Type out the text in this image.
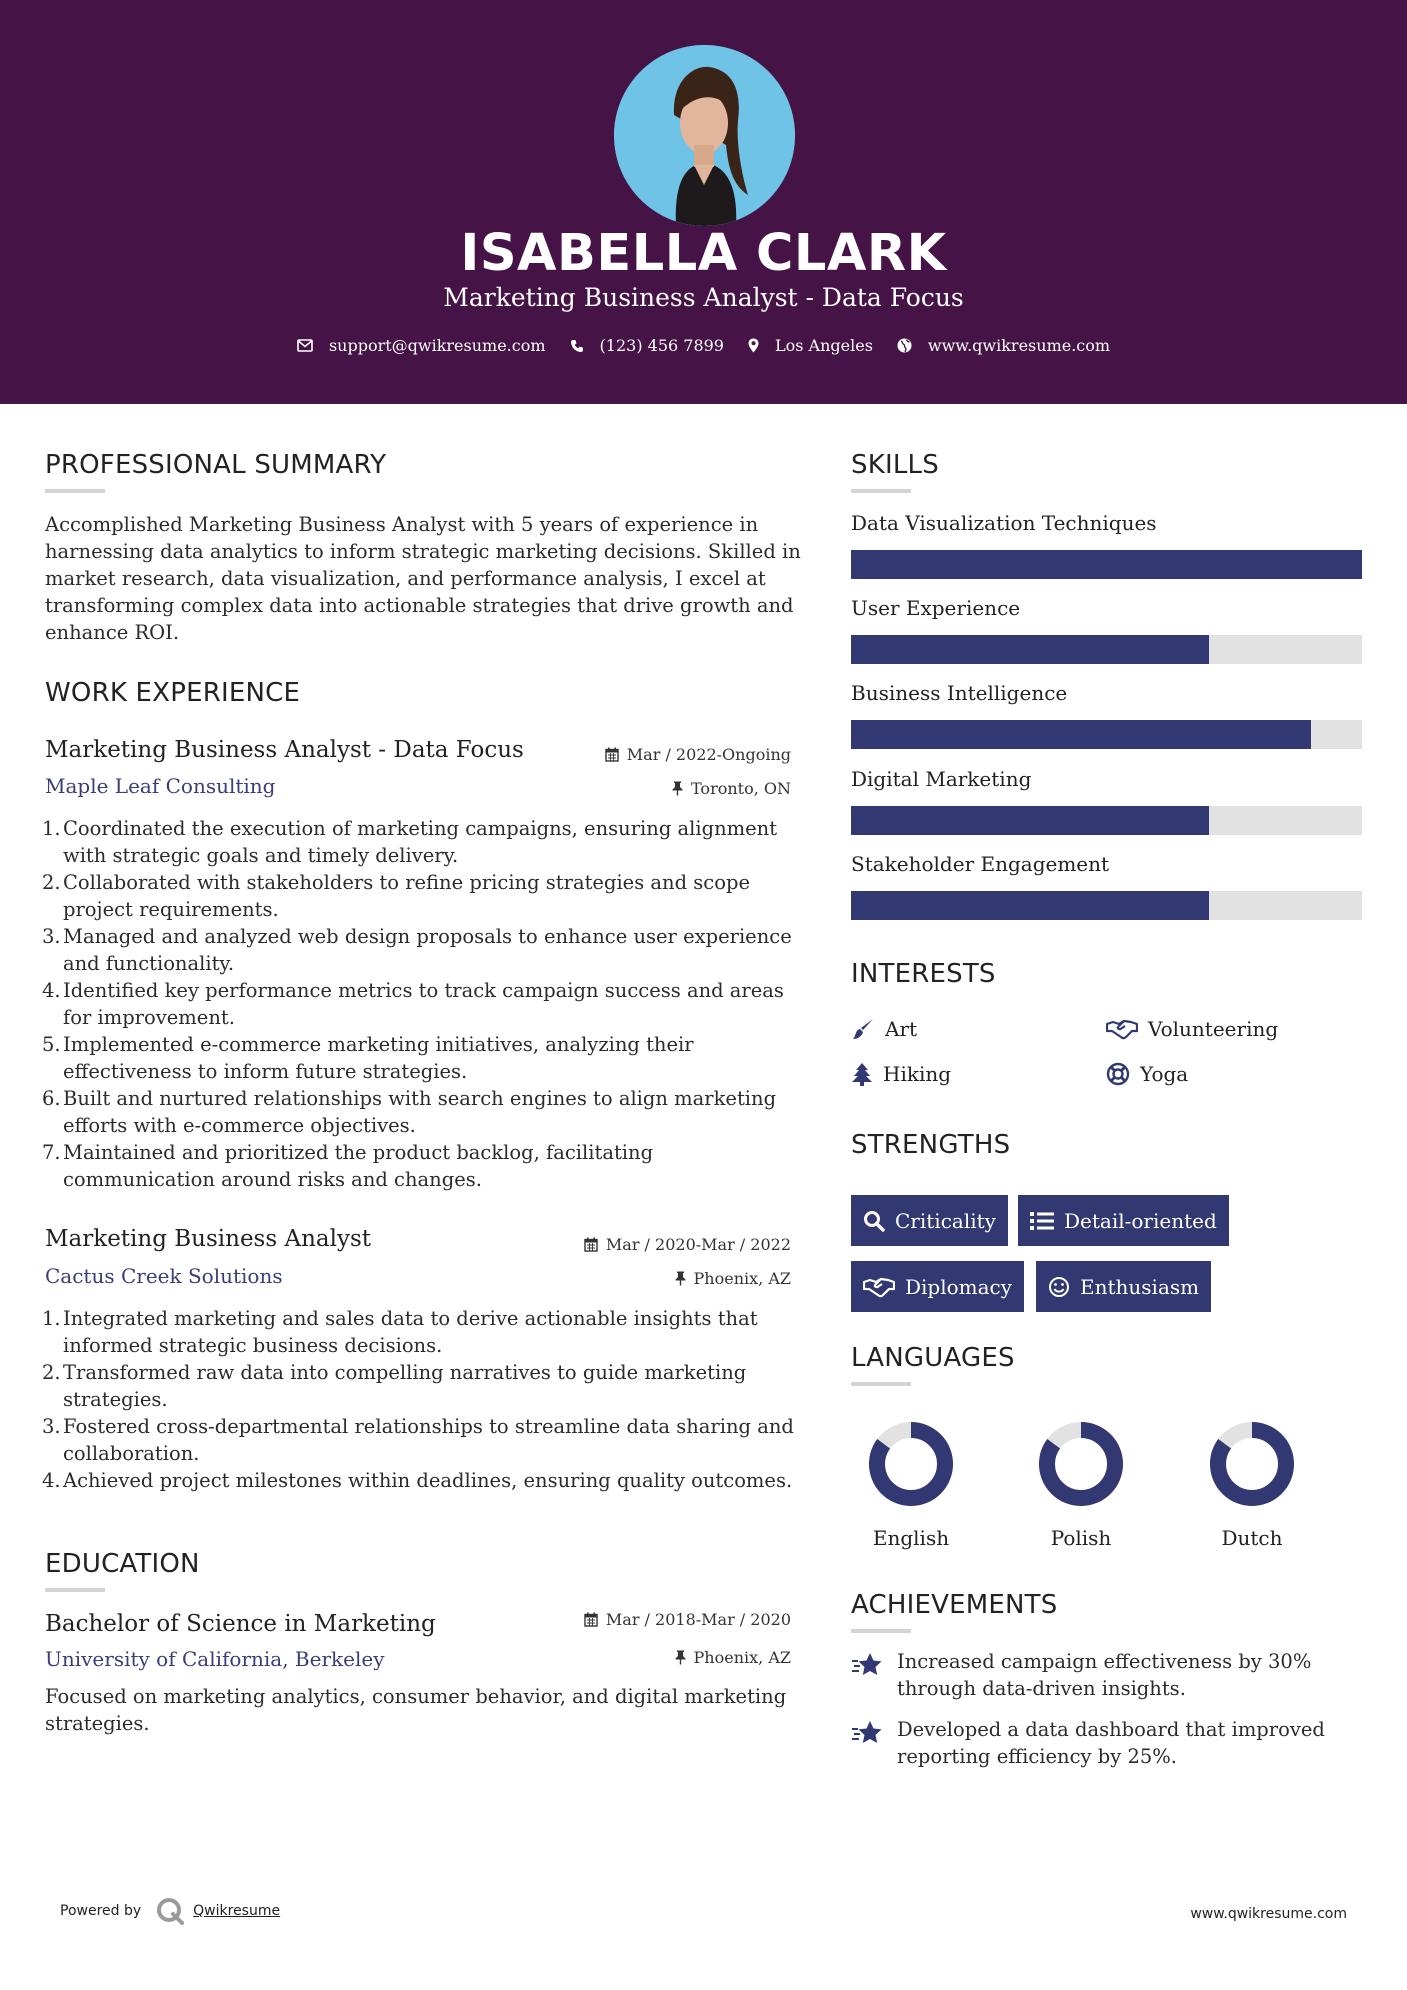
ISABELLA CLARK
Marketing Business Analyst - Data Focus
support@qwikresume.com	(123) 456 7899	Los Angeles	www.qwikresume.com
PROFESSIONAL SUMMARY
Accomplished Marketing Business Analyst with 5 years of experience in
harnessing data analytics to inform strategic marketing decisions. Skilled in
market research, data visualization, and performance analysis, I excel at
transforming complex data into actionable strategies that drive growth and
enhance ROI.
WORK EXPERIENCE
Marketing Business Analyst - Data Focus	Mar / 2022-Ongoing
Maple Leaf Consulting	Toronto, ON
1. Coordinated the execution of marketing campaigns, ensuring alignment
with strategic goals and timely delivery.
2. Collaborated with stakeholders to refine pricing strategies and scope
project requirements.
3. Managed and analyzed web design proposals to enhance user experience
and functionality.
4. Identified key performance metrics to track campaign success and areas
for improvement.
5. Implemented e-commerce marketing initiatives, analyzing their
effectiveness to inform future strategies.
6. Built and nurtured relationships with search engines to align marketing
efforts with e-commerce objectives.
7. Maintained and prioritized the product backlog, facilitating
communication around risks and changes.
Marketing Business Analyst	Mar / 2020-Mar / 2022
Cactus Creek Solutions	Phoenix, AZ
1. Integrated marketing and sales data to derive actionable insights that
informed strategic business decisions.
2. Transformed raw data into compelling narratives to guide marketing
strategies.
3. Fostered cross-departmental relationships to streamline data sharing and
collaboration.
4. Achieved project milestones within deadlines, ensuring quality outcomes.
EDUCATION
Bachelor of Science in Marketing	Mar / 2018-Mar / 2020
University of California, Berkeley	Phoenix, AZ
Focused on marketing analytics, consumer behavior, and digital marketing
strategies.
SKILLS
Data Visualization Techniques
User Experience
Business Intelligence
Digital Marketing
Stakeholder Engagement
INTERESTS
Art	Volunteering
Hiking	Yoga
STRENGTHS
Criticality	Detail-oriented
Diplomacy	Enthusiasm
LANGUAGES
English	Polish	Dutch
ACHIEVEMENTS
Increased campaign effectiveness by 30%
through data-driven insights.
Developed a data dashboard that improved
reporting efficiency by 25%.
Powered by	Qwikresume	www.qwikresume.com
